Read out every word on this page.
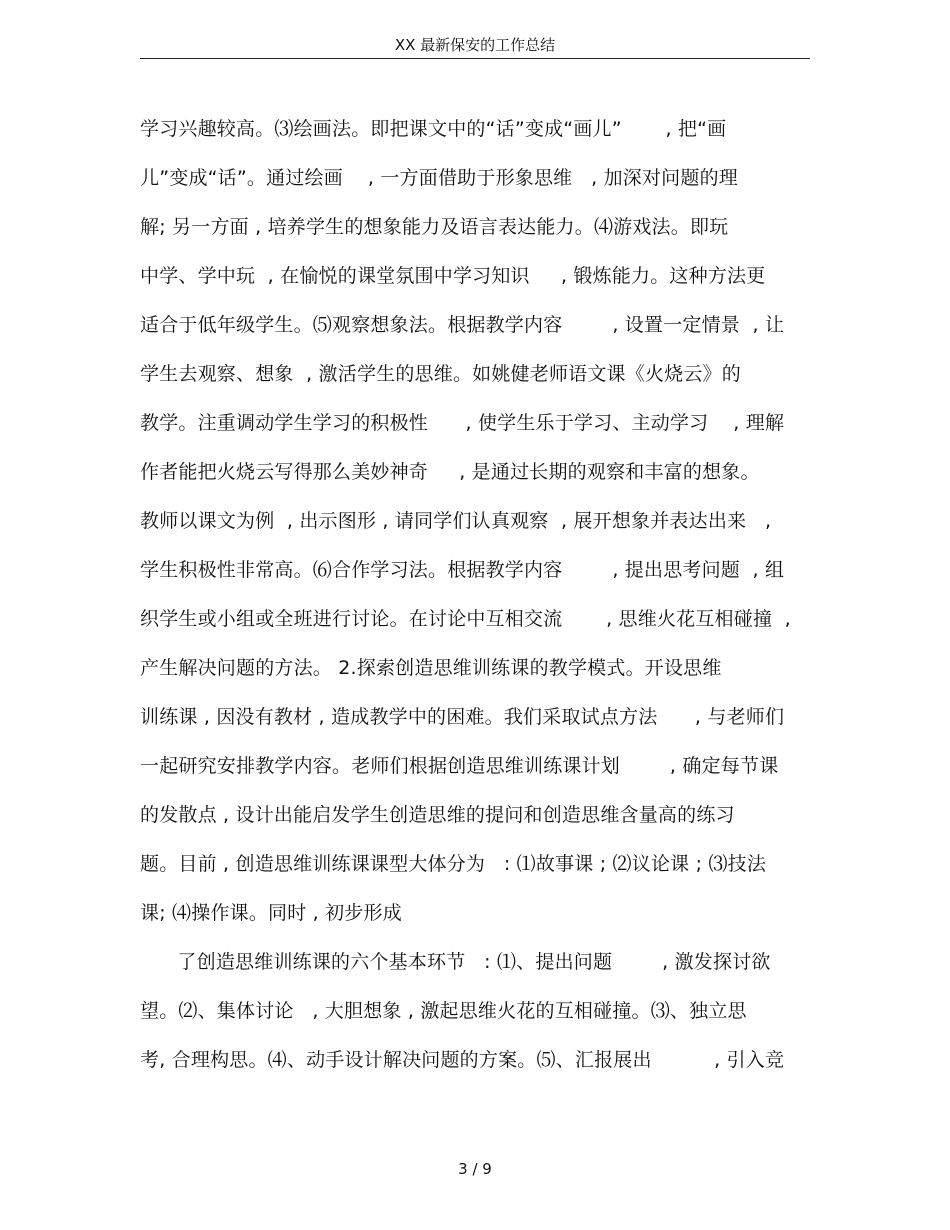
XX 最新保安的工作总结
学习兴趣较高。⑶绘画法。即把课文中的“话”变成“画儿”       , 把“画
儿”变成“话”。通过绘画    , 一方面借助于形象思维   , 加深对问题的理
解; 另一方面 , 培养学生的想象能力及语言表达能力。⑷游戏法。即玩
中学、学中玩  , 在愉悦的课堂氛围中学习知识     , 锻炼能力。这种方法更
适合于低年级学生。⑸观察想象法。根据教学内容        , 设置一定情景  , 让
学生去观察、想象  , 激活学生的思维。如姚健老师语文课《火烧云》的
教学。注重调动学生学习的积极性      , 使学生乐于学习、主动学习    , 理解
作者能把火烧云写得那么美妙神奇     , 是通过长期的观察和丰富的想象。
教师以课文为例  , 出示图形 , 请同学们认真观察  , 展开想象并表达出来   ,
学生积极性非常高。⑹合作学习法。根据教学内容        , 提出思考问题  , 组
织学生或小组或全班进行讨论。在讨论中互相交流       , 思维火花互相碰撞  ,
产生解决问题的方法。 2.探索创造思维训练课的教学模式。开设思维
训练课 , 因没有教材 , 造成教学中的困难。我们采取试点方法      , 与老师们
一起研究安排教学内容。老师们根据创造思维训练课计划        , 确定每节课
的发散点 , 设计出能启发学生创造思维的提问和创造思维含量高的练习
题。目前 , 创造思维训练课课型大体分为   : ⑴故事课 ; ⑵议论课 ; ⑶技法
课; ⑷操作课。同时 , 初步形成
了创造思维训练课的六个基本环节   : ⑴、提出问题        , 激发探讨欲
望。⑵、集体讨论   , 大胆想象 , 激起思维火花的互相碰撞。⑶、独立思
考, 合理构思。⑷、动手设计解决问题的方案。⑸、汇报展出          , 引入竞
3 / 9
